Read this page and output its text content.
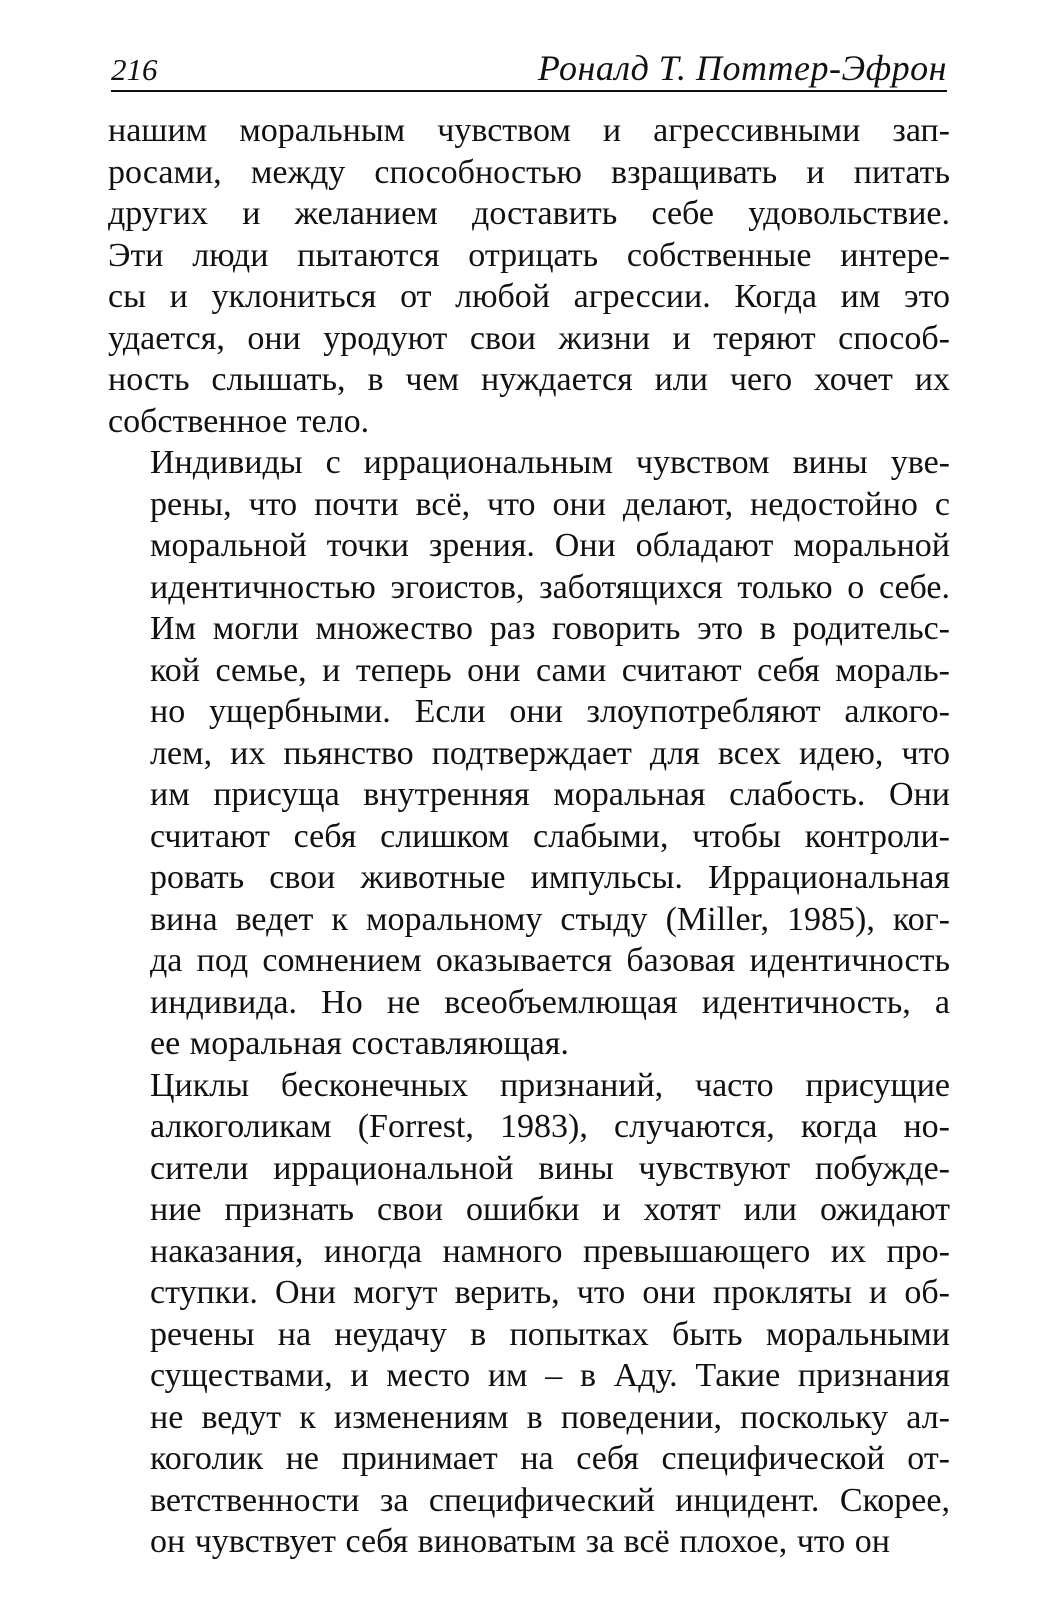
216	Роналд Т. Поттер-Эфрон

нашим моральным чувством и агрессивными зап-
росами, между способностью взращивать и питать
других и желанием доставить себе удовольствие.
Эти люди пытаются отрицать собственные интере-
сы и уклониться от любой агрессии. Когда им это
удается, они уродуют свои жизни и теряют способ-
ность слышать, в чем нуждается или чего хочет их
собственное тело.

Индивиды с иррациональным чувством вины уве-
рены, что почти всё, что они делают, недостойно с
моральной точки зрения. Они обладают моральной
идентичностью эгоистов, заботящихся только о себе.
Им могли множество раз говорить это в родительс-
кой семье, и теперь они сами считают себя мораль-
но ущербными. Если они злоупотребляют алкого-
лем, их пьянство подтверждает для всех идею, что
им присуща внутренняя моральная слабость. Они
считают себя слишком слабыми, чтобы контроли-
ровать свои животные импульсы. Иррациональная
вина ведет к моральному стыду (Miller, 1985), ког-
да под сомнением оказывается базовая идентичность
индивида. Но не всеобъемлющая идентичность, а
ее моральная составляющая.

Циклы бесконечных признаний, часто присущие
алкоголикам (Forrest, 1983), случаются, когда но-
сители иррациональной вины чувствуют побужде-
ние признать свои ошибки и хотят или ожидают
наказания, иногда намного превышающего их про-
ступки. Они могут верить, что они прокляты и об-
речены на неудачу в попытках быть моральными
существами, и место им – в Аду. Такие признания
не ведут к изменениям в поведении, поскольку ал-
коголик не принимает на себя специфической от-
ветственности за специфический инцидент. Скорее,
он чувствует себя виноватым за всё плохое, что он
